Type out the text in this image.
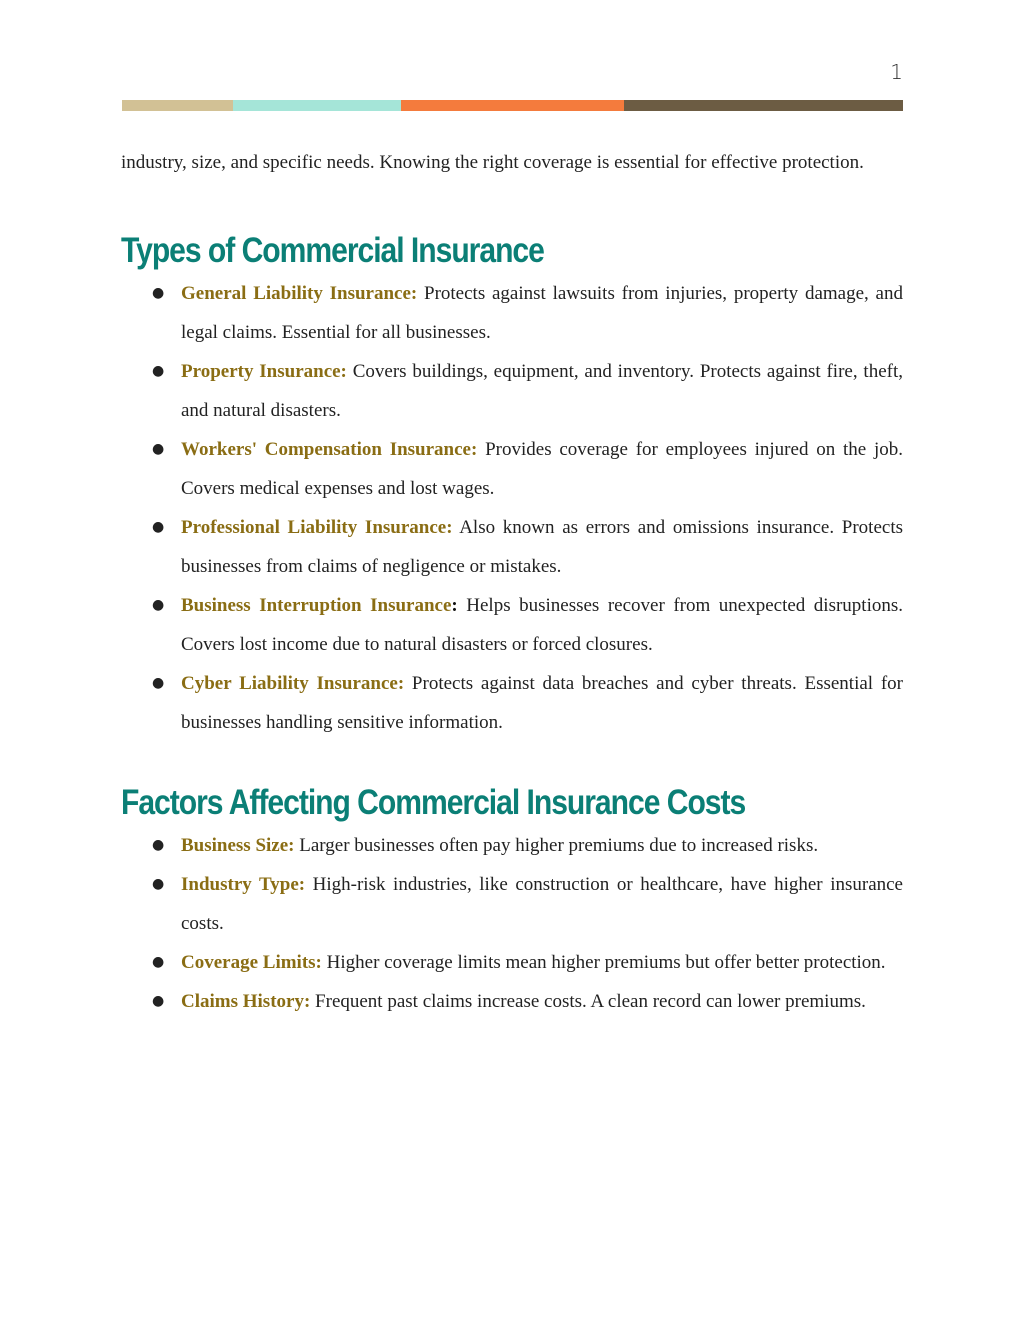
1

industry, size, and specific needs. Knowing the right coverage is essential for effective protection.

Types of Commercial Insurance
● General Liability Insurance: Protects against lawsuits from injuries, property damage, and legal claims. Essential for all businesses.
● Property Insurance: Covers buildings, equipment, and inventory. Protects against fire, theft, and natural disasters.
● Workers' Compensation Insurance: Provides coverage for employees injured on the job. Covers medical expenses and lost wages.
● Professional Liability Insurance: Also known as errors and omissions insurance. Protects businesses from claims of negligence or mistakes.
● Business Interruption Insurance: Helps businesses recover from unexpected disruptions. Covers lost income due to natural disasters or forced closures.
● Cyber Liability Insurance: Protects against data breaches and cyber threats. Essential for businesses handling sensitive information.
Factors Affecting Commercial Insurance Costs
● Business Size: Larger businesses often pay higher premiums due to increased risks.
● Industry Type: High-risk industries, like construction or healthcare, have higher insurance costs.
● Coverage Limits: Higher coverage limits mean higher premiums but offer better protection.
● Claims History: Frequent past claims increase costs. A clean record can lower premiums.
